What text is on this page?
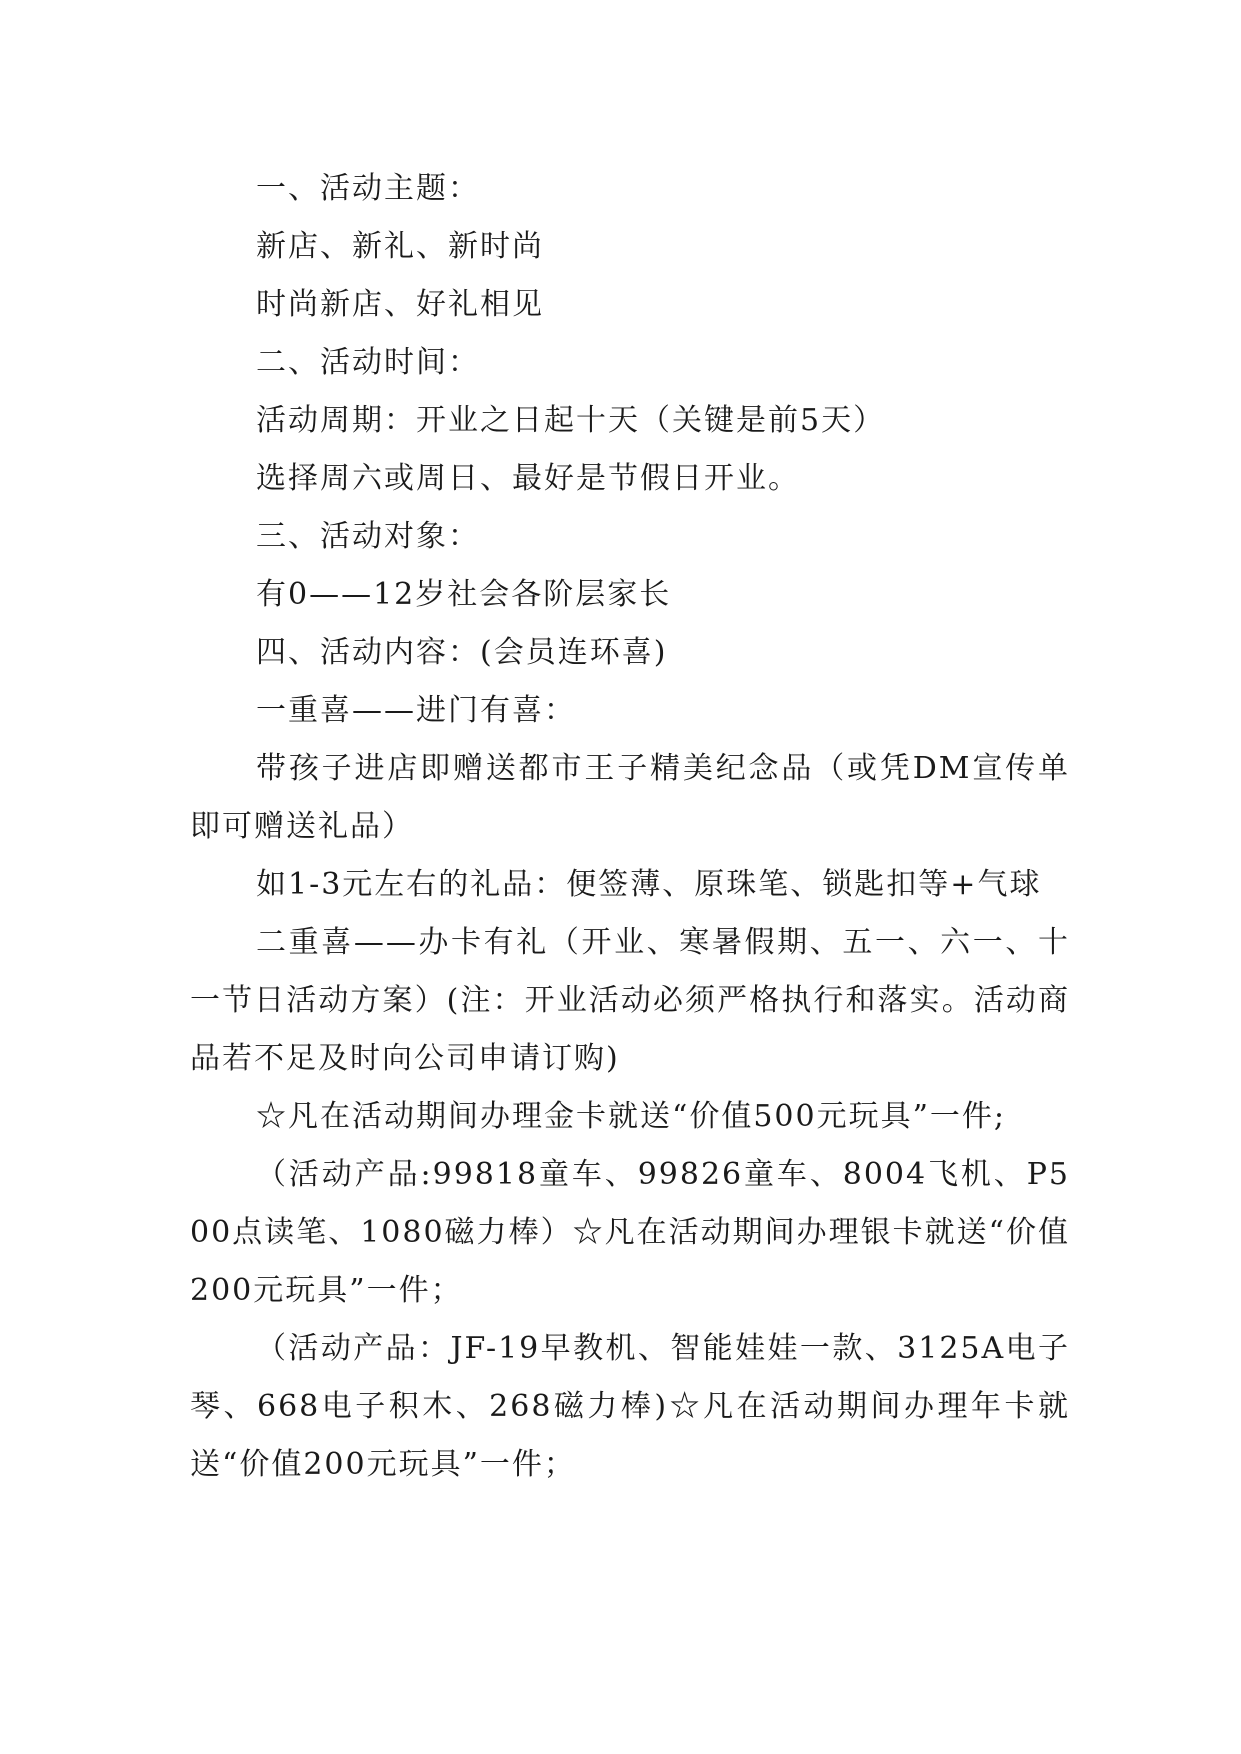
一、活动主题：

新店、新礼、新时尚

时尚新店、好礼相见

二、活动时间：

活动周期：开业之日起十天（关键是前5天）

选择周六或周日、最好是节假日开业。

三、活动对象：

有0——12岁社会各阶层家长

四、活动内容：(会员连环喜)

一重喜——进门有喜：

带孩子进店即赠送都市王子精美纪念品（或凭DM宣传单即可赠送礼品）

如1-3元左右的礼品：便签薄、原珠笔、锁匙扣等+气球

二重喜——办卡有礼（开业、寒暑假期、五一、六一、十一节日活动方案）(注：开业活动必须严格执行和落实。活动商品若不足及时向公司申请订购)

☆凡在活动期间办理金卡就送“价值500元玩具”一件;

（活动产品:99818童车、99826童车、8004飞机、P500点读笔、1080磁力棒）☆凡在活动期间办理银卡就送“价值200元玩具”一件；

（活动产品：JF-19早教机、智能娃娃一款、3125A电子琴、668电子积木、268磁力棒)☆凡在活动期间办理年卡就送“价值200元玩具”一件；
